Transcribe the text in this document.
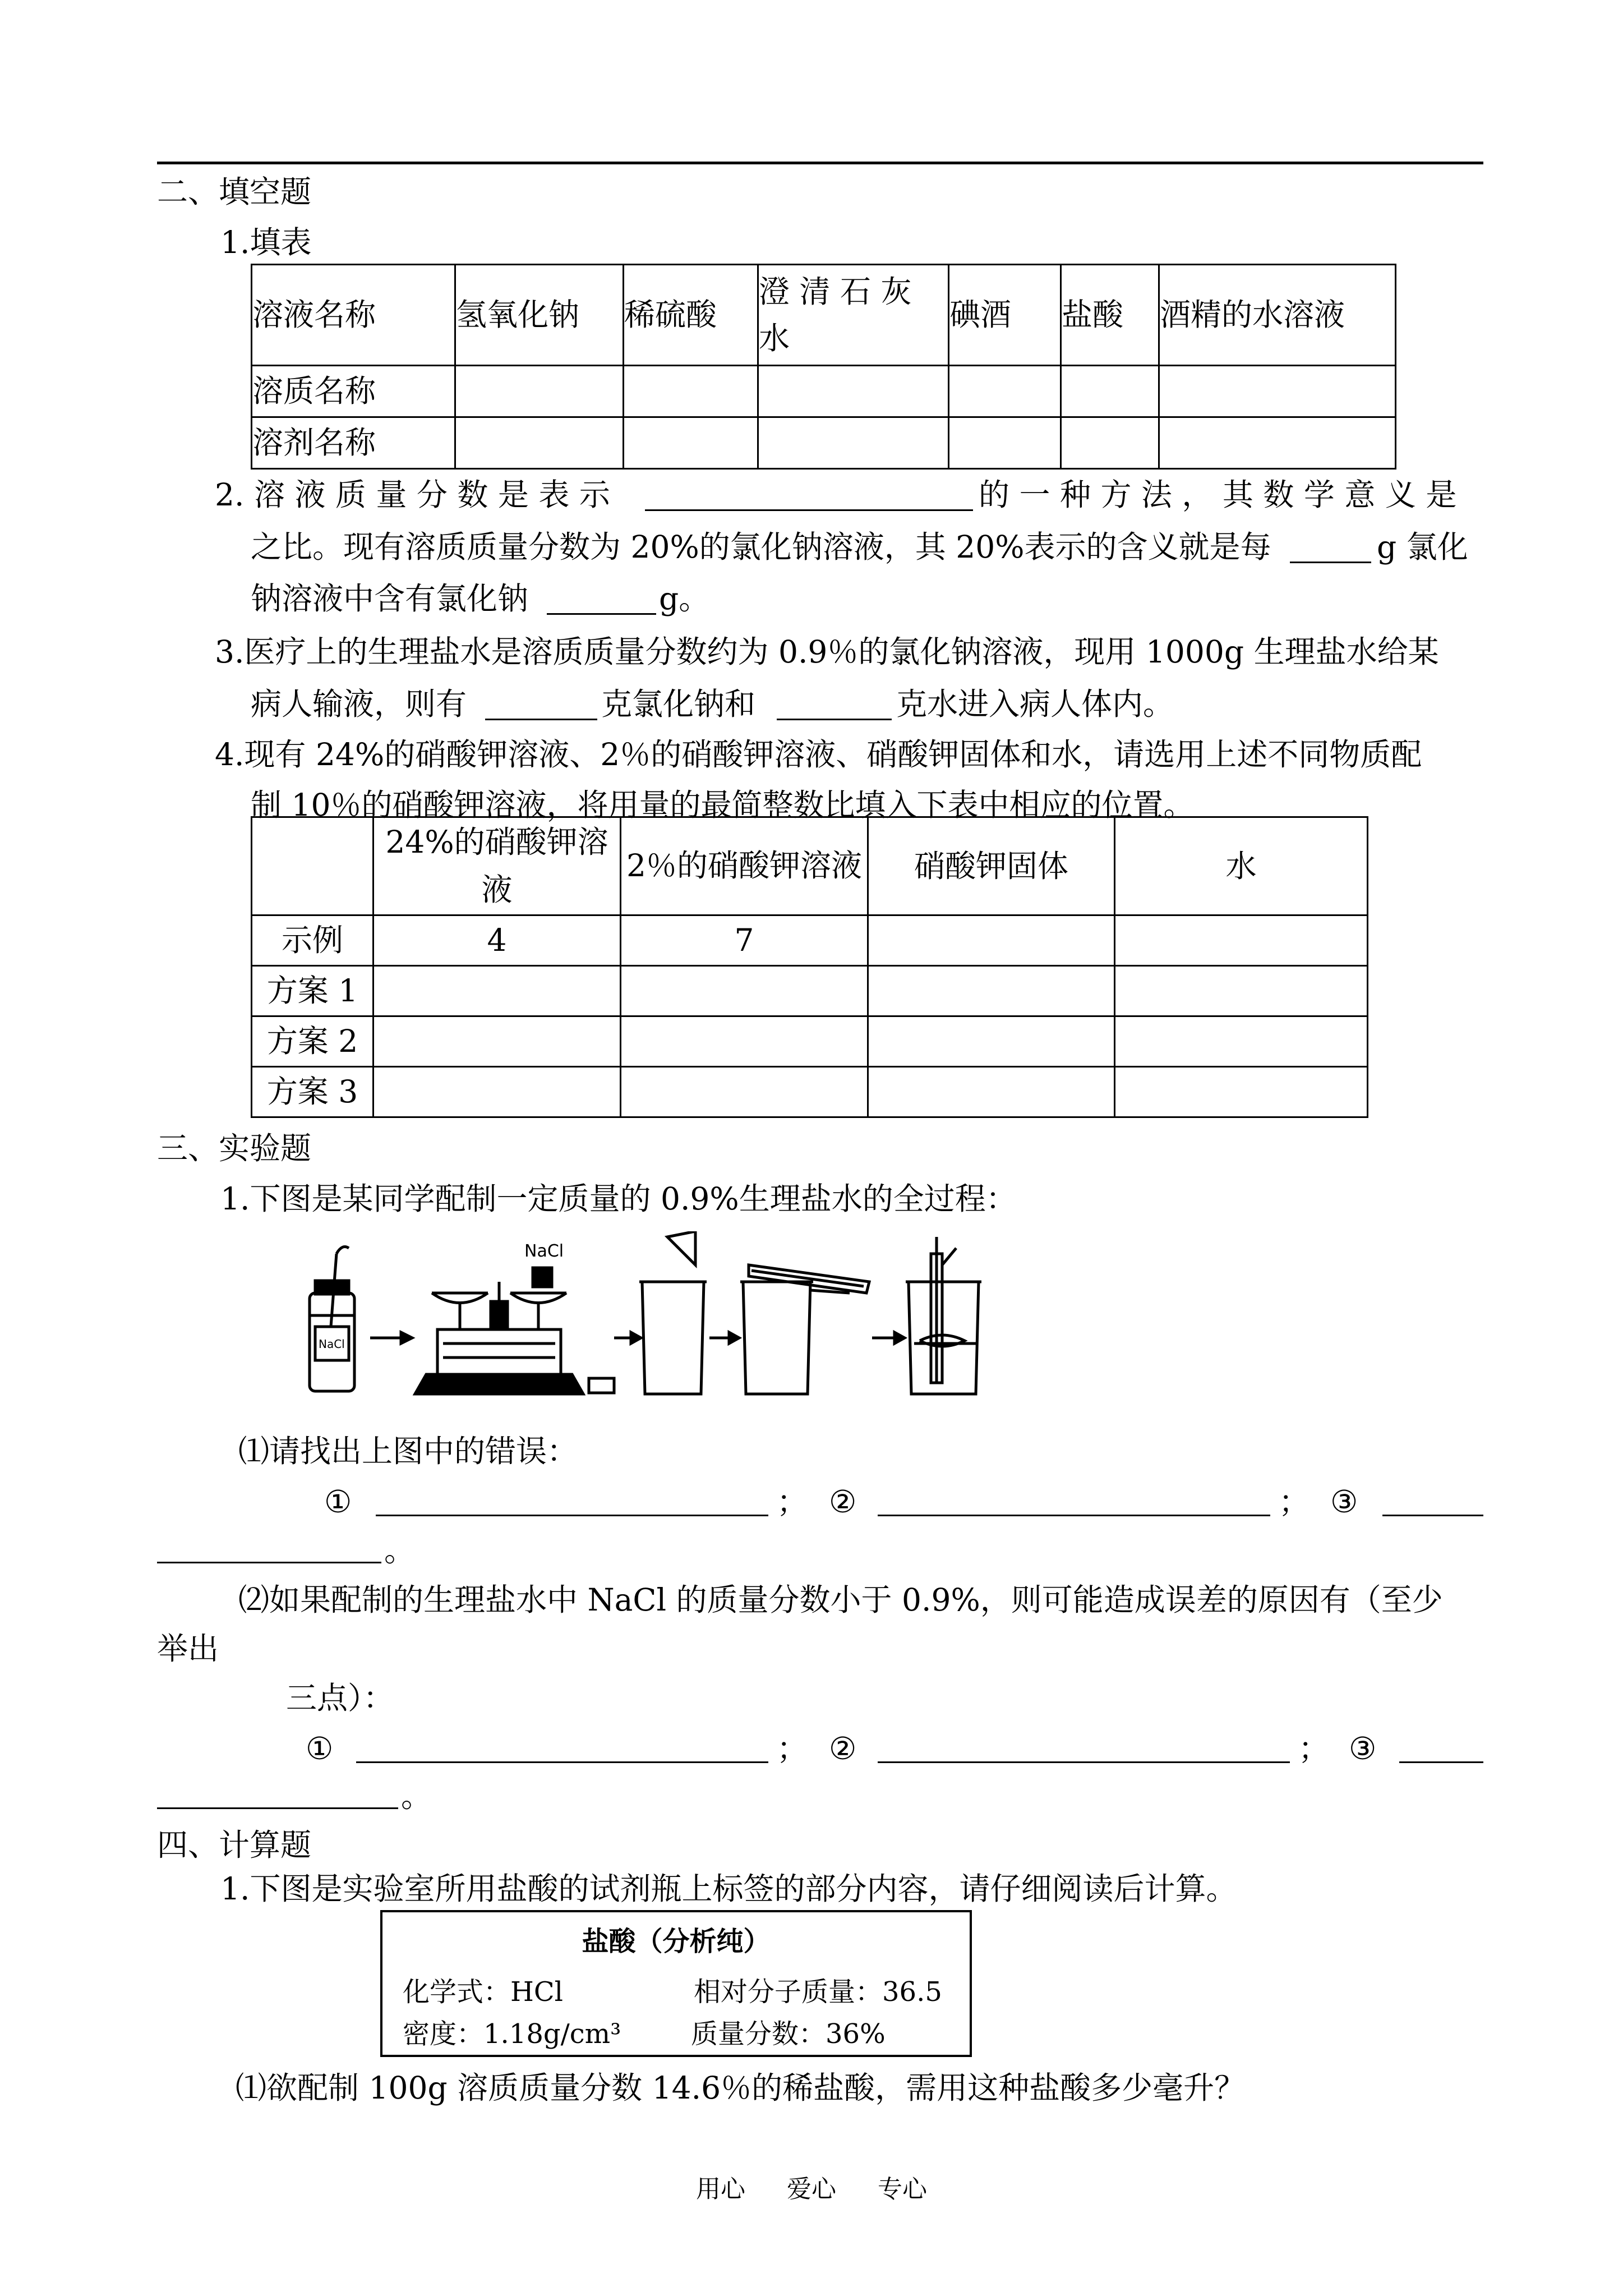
二、填空题
1.填表
溶液名称	氢氧化钠	稀硫酸	澄 清 石 灰 水	碘酒	盐酸	酒精的水溶液
溶质名称						
溶剂名称						
2. 溶 液 质 量 分 数 是 表 示	的 一 种 方 法 ， 其 数 学 意 义 是
之比。现有溶质质量分数为 20%的氯化钠溶液，其 20%表示的含义就是每	g 氯化
钠溶液中含有氯化钠	g。
3.医疗上的生理盐水是溶质质量分数约为 0.9％的氯化钠溶液，现用 1000g 生理盐水给某
病人输液，则有	克氯化钠和	克水进入病人体内。
4.现有 24%的硝酸钾溶液、2％的硝酸钾溶液、硝酸钾固体和水，请选用上述不同物质配
制 10％的硝酸钾溶液，将用量的最简整数比填入下表中相应的位置。
	24%的硝酸钾溶液	2％的硝酸钾溶液	硝酸钾固体	水
示例	4	7		
方案 1				
方案 2				
方案 3				
三、实验题
1.下图是某同学配制一定质量的 0.9%生理盐水的全过程：
NaCl
NaCl
⑴请找出上图中的错误：
①	； ②	； ③
。
⑵如果配制的生理盐水中 NaCl 的质量分数小于 0.9%，则可能造成误差的原因有（至少
举出
三点）：
①	； ②	； ③
。
四、计算题
1.下图是实验室所用盐酸的试剂瓶上标签的部分内容，请仔细阅读后计算。
盐酸（分析纯）
化学式：HCl	相对分子质量：36.5
密度：1.18g/cm³	质量分数：36%
⑴欲配制 100g 溶质质量分数 14.6％的稀盐酸，需用这种盐酸多少毫升？
用心 爱心 专心
